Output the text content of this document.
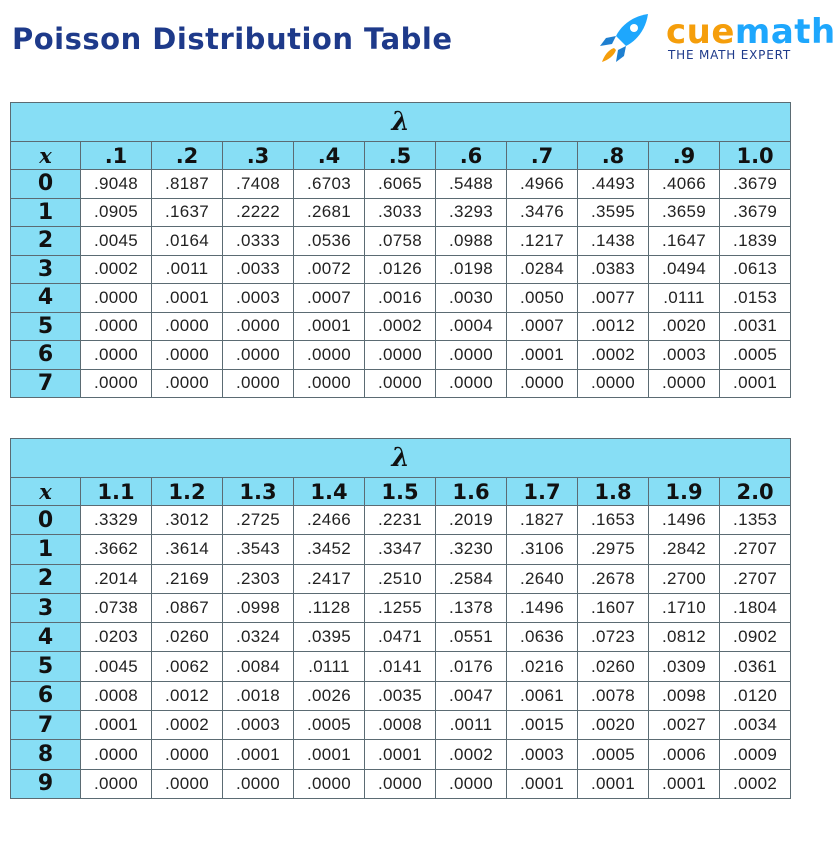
Poisson Distribution Table	cuemath
THE MATH EXPERT
λ										
x	.1	.2	.3	.4	.5	.6	.7	.8	.9	1.0
0	.9048	.8187	.7408	.6703	.6065	.5488	.4966	.4493	.4066	.3679
1	.0905	.1637	.2222	.2681	.3033	.3293	.3476	.3595	.3659	.3679
2	.0045	.0164	.0333	.0536	.0758	.0988	.1217	.1438	.1647	.1839
3	.0002	.0011	.0033	.0072	.0126	.0198	.0284	.0383	.0494	.0613
4	.0000	.0001	.0003	.0007	.0016	.0030	.0050	.0077	.0111	.0153
5	.0000	.0000	.0000	.0001	.0002	.0004	.0007	.0012	.0020	.0031
6	.0000	.0000	.0000	.0000	.0000	.0000	.0001	.0002	.0003	.0005
7	.0000	.0000	.0000	.0000	.0000	.0000	.0000	.0000	.0000	.0001
λ										
x	1.1	1.2	1.3	1.4	1.5	1.6	1.7	1.8	1.9	2.0
0	.3329	.3012	.2725	.2466	.2231	.2019	.1827	.1653	.1496	.1353
1	.3662	.3614	.3543	.3452	.3347	.3230	.3106	.2975	.2842	.2707
2	.2014	.2169	.2303	.2417	.2510	.2584	.2640	.2678	.2700	.2707
3	.0738	.0867	.0998	.1128	.1255	.1378	.1496	.1607	.1710	.1804
4	.0203	.0260	.0324	.0395	.0471	.0551	.0636	.0723	.0812	.0902
5	.0045	.0062	.0084	.0111	.0141	.0176	.0216	.0260	.0309	.0361
6	.0008	.0012	.0018	.0026	.0035	.0047	.0061	.0078	.0098	.0120
7	.0001	.0002	.0003	.0005	.0008	.0011	.0015	.0020	.0027	.0034
8	.0000	.0000	.0001	.0001	.0001	.0002	.0003	.0005	.0006	.0009
9	.0000	.0000	.0000	.0000	.0000	.0000	.0001	.0001	.0001	.0002
